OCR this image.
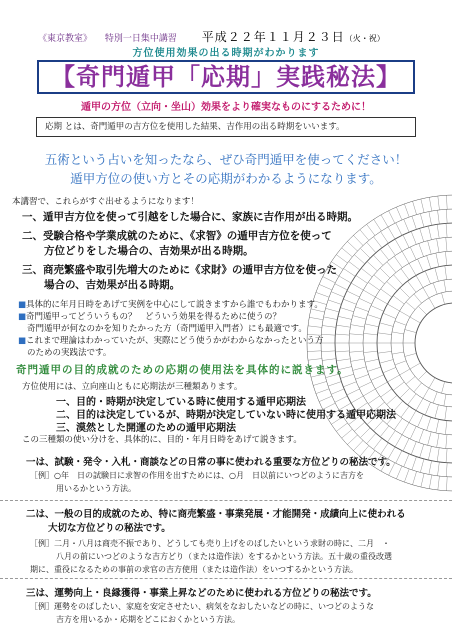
《東京教室》 特別一日集中講習 平成２２年１１月２３日（火・祝）
方位使用効果の出る時期がわかります
【奇門遁甲「応期」実践秘法】
遁甲の方位（立向・坐山）効果をより確実なものにするために！
応期 とは、奇門遁甲の吉方位を使用した結果、吉作用の出る時期をいいます。
五術という占いを知ったなら、ぜひ奇門遁甲を使ってください！
遁甲方位の使い方とその応期がわかるようになります。
本講習で、これらがすぐ出せるようになります！
一、遁甲吉方位を使って引越をした場合に、家族に吉作用が出る時期。
二、受験合格や学業成就のために、《求智》の遁甲吉方位を使って
方位どりをした場合の、吉効果が出る時期。
三、商売繁盛や取引先増大のために《求財》の遁甲吉方位を使った
場合の、吉効果が出る時期。
■具体的に年月日時をあげて実例を中心にして説きますから誰でもわかります。
■奇門遁甲ってどういうもの？　どういう効果を得るために使うの？
奇門遁甲が何なのかを知りたかった方（奇門遁甲入門者）にも最適です。
■これまで理論はわかっていたが、実際にどう使うかがわからなかったという方
のための実践法です。
奇門遁甲の目的成就のための応期の使用法を具体的に説きます。
方位使用には、立向座山ともに応期法が三種類あります。
一、目的・時期が決定している時に使用する遁甲応期法
二、目的は決定しているが、時期が決定していない時に使用する遁甲応期法
三、漠然とした開運のための遁甲応期法
この三種類の使い分けを、具体的に、目的・年月日時をあげて説きます。
一は、試験・発令・入札・商談などの日常の事に使われる重要な方位どりの秘法です。
［例］○年　日の試験日に求智の作用を出すためには、○月　日以前にいつどのように吉方を
用いるかという方法。
二は、一般の目的成就のため、特に商売繁盛・事業発展・才能開発・成績向上に使われる
大切な方位どりの秘法です。
［例］二月・八月は商売不振であり、どうしても売り上げをのばしたいという求財の時に、二月　・
八月の前にいつどのような吉方どり（または造作法）をするかという方法。五十歳の重役改選
期に、重役になるための事前の求官の吉方使用（または造作法）をいつするかという方法。
三は、運勢向上・良縁獲得・事業上昇などのために使われる方位どりの秘法です。
［例］運勢をのばしたい、家庭を安定させたい、病気をなおしたいなどの時に、いつどのような
吉方を用いるか・応期をどこにおくかという方法。
